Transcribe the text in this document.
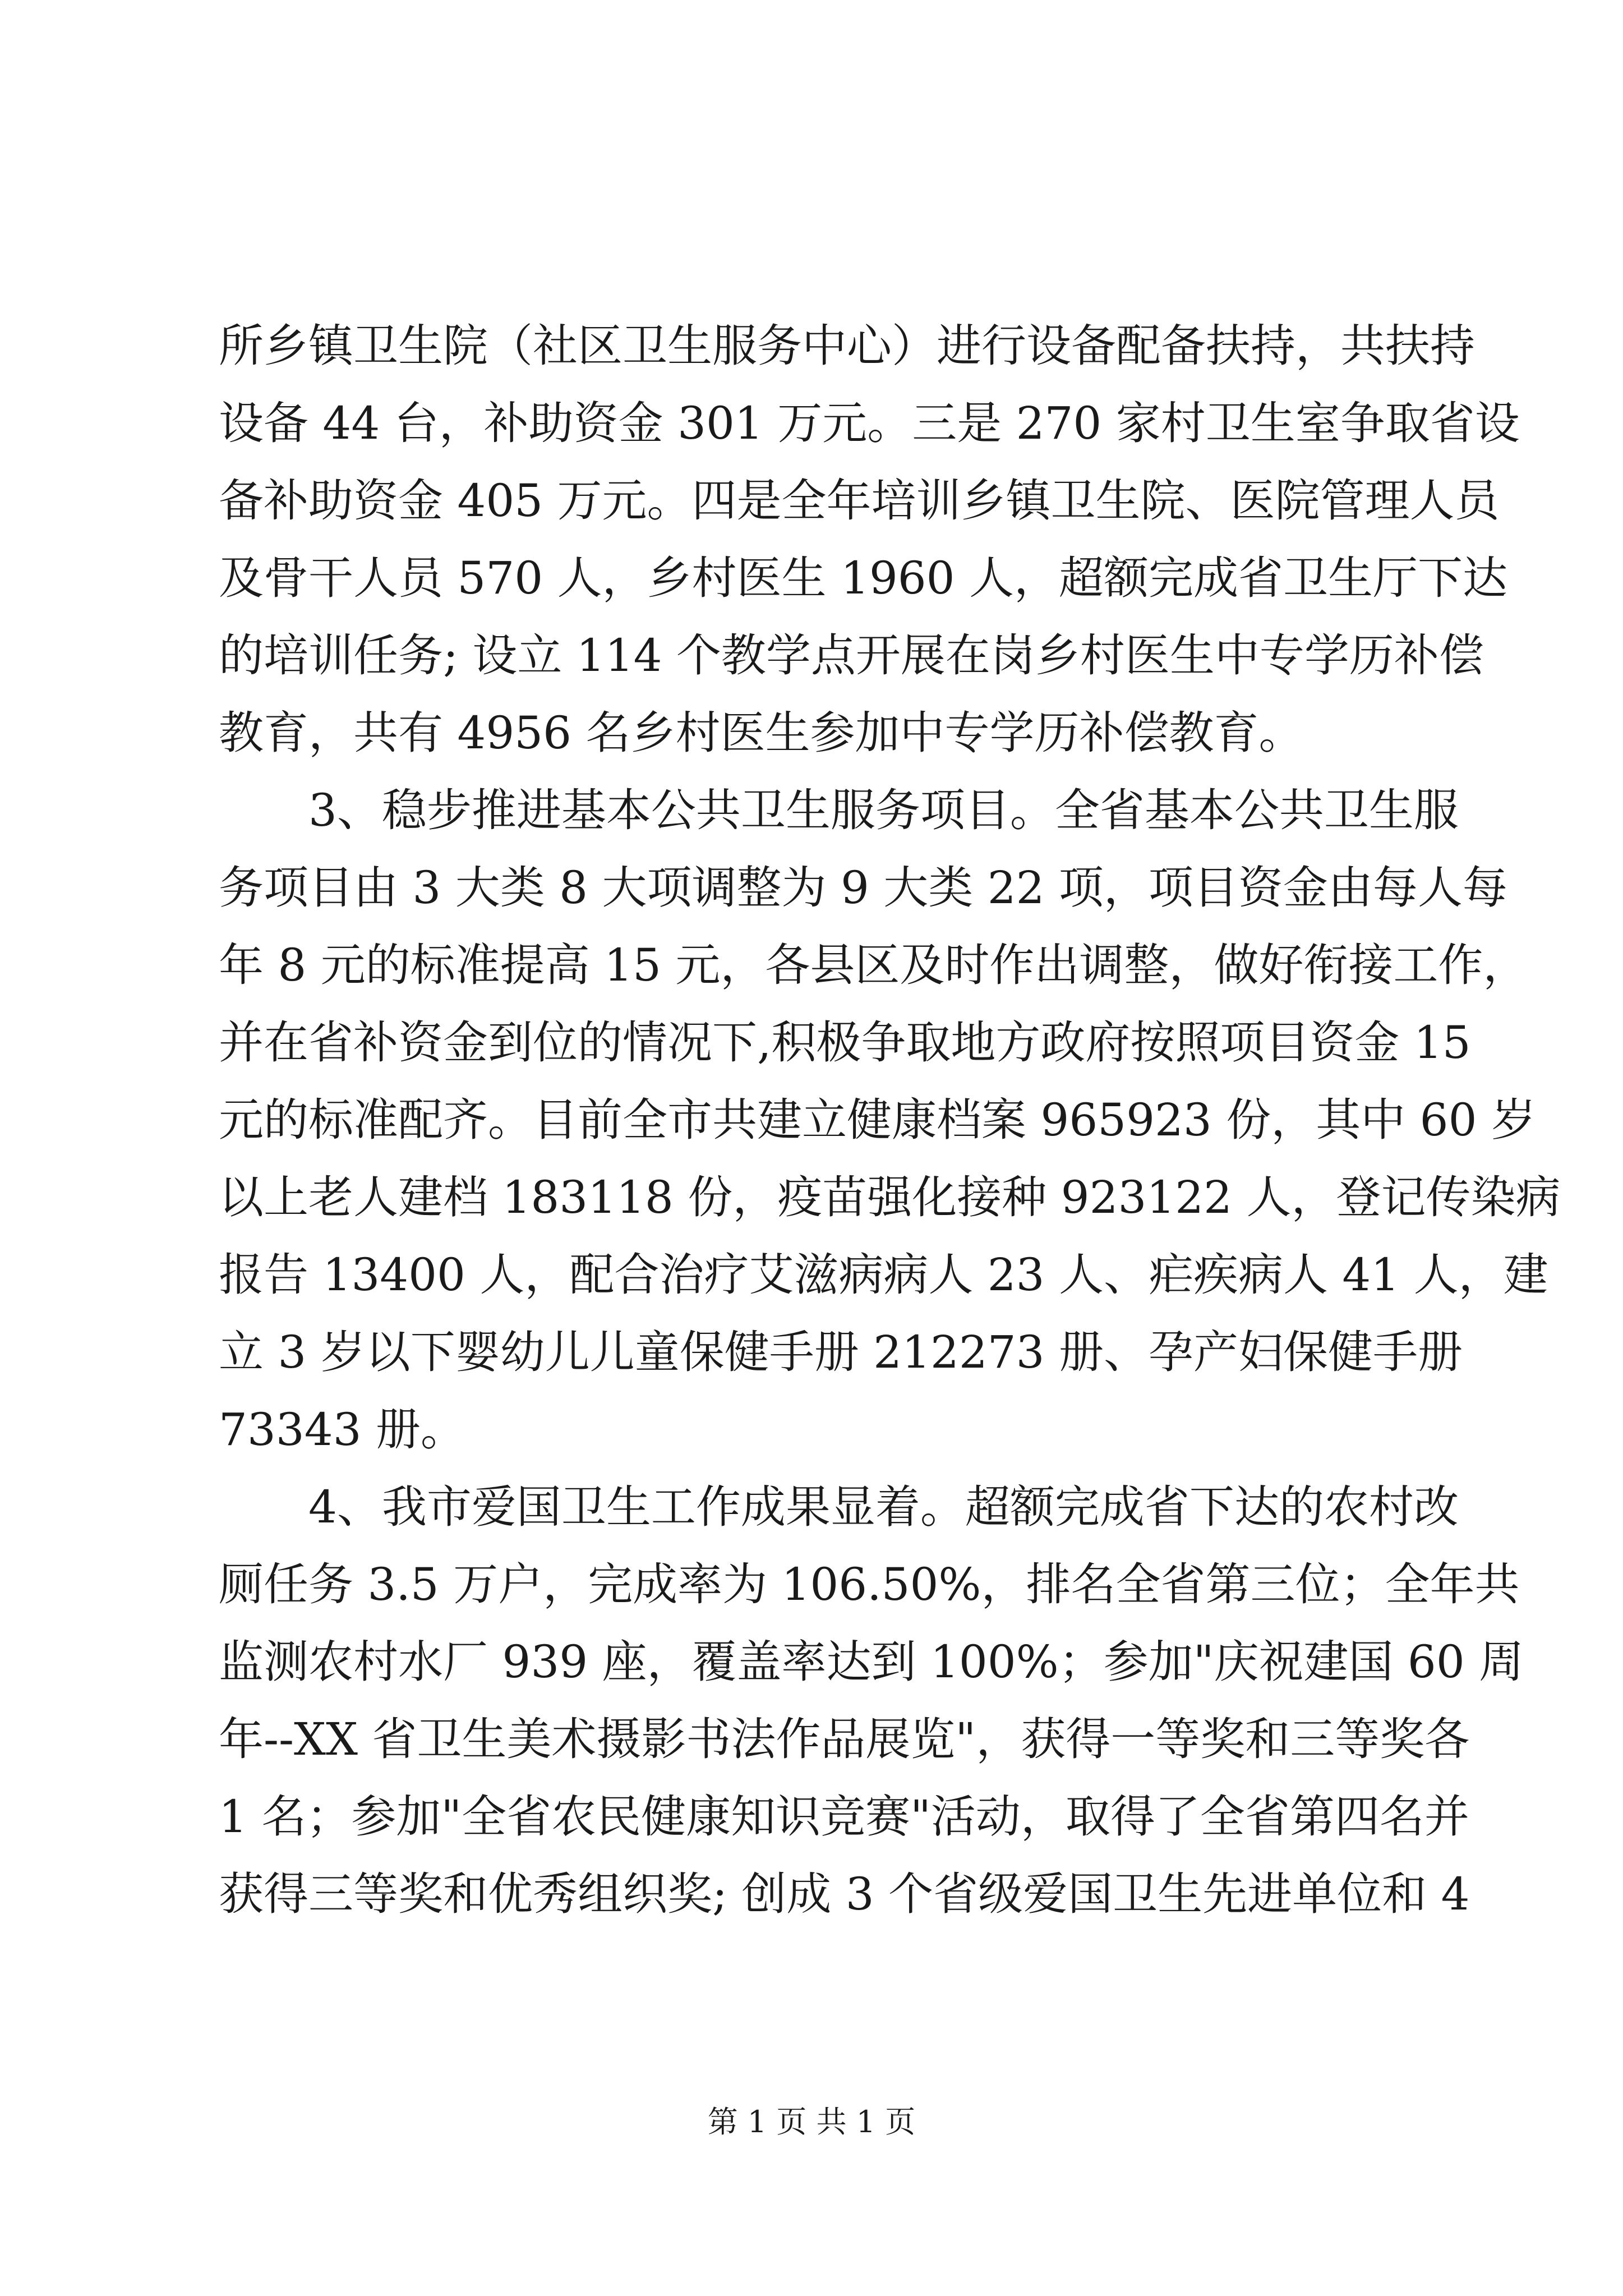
所乡镇卫生院（社区卫生服务中心）进行设备配备扶持，共扶持
设备 44 台，补助资金 301 万元。三是 270 家村卫生室争取省设
备补助资金 405 万元。四是全年培训乡镇卫生院、医院管理人员
及骨干人员 570 人，乡村医生 1960 人，超额完成省卫生厅下达
的培训任务; 设立 114 个教学点开展在岗乡村医生中专学历补偿
教育，共有 4956 名乡村医生参加中专学历补偿教育。
3、稳步推进基本公共卫生服务项目。全省基本公共卫生服
务项目由 3 大类 8 大项调整为 9 大类 22 项，项目资金由每人每
年 8 元的标准提高 15 元，各县区及时作出调整，做好衔接工作，
并在省补资金到位的情况下,积极争取地方政府按照项目资金 15
元的标准配齐。目前全市共建立健康档案 965923 份，其中 60 岁
以上老人建档 183118 份，疫苗强化接种 923122 人，登记传染病
报告 13400 人，配合治疗艾滋病病人 23 人、疟疾病人 41 人，建
立 3 岁以下婴幼儿儿童保健手册 212273 册、孕产妇保健手册
73343 册。
4、我市爱国卫生工作成果显着。超额完成省下达的农村改
厕任务 3.5 万户，完成率为 106.50%，排名全省第三位；全年共
监测农村水厂 939 座，覆盖率达到 100%；参加"庆祝建国 60 周
年--XX 省卫生美术摄影书法作品展览"，获得一等奖和三等奖各
1 名；参加"全省农民健康知识竞赛"活动，取得了全省第四名并
获得三等奖和优秀组织奖; 创成 3 个省级爱国卫生先进单位和 4
第 1 页 共 1 页
